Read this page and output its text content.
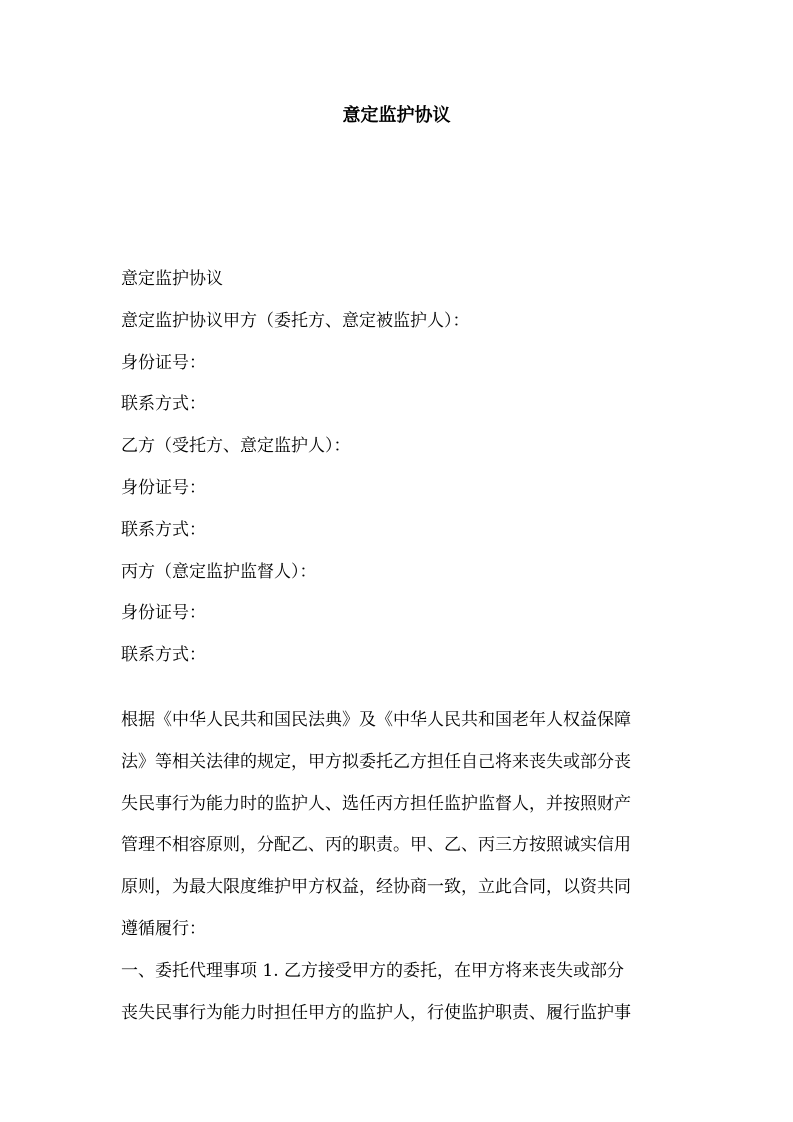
意定监护协议
意定监护协议
意定监护协议甲方（委托方、意定被监护人）：
身份证号：
联系方式：
乙方（受托方、意定监护人）：
身份证号：
联系方式：
丙方（意定监护监督人）：
身份证号：
联系方式：
根据《中华人民共和国民法典》及《中华人民共和国老年人权益保障
法》等相关法律的规定，甲方拟委托乙方担任自己将来丧失或部分丧
失民事行为能力时的监护人、选任丙方担任监护监督人，并按照财产
管理不相容原则，分配乙、丙的职责。甲、乙、丙三方按照诚实信用
原则，为最大限度维护甲方权益，经协商一致，立此合同，以资共同
遵循履行：
一、委托代理事项 1. 乙方接受甲方的委托，在甲方将来丧失或部分
丧失民事行为能力时担任甲方的监护人，行使监护职责、履行监护事
